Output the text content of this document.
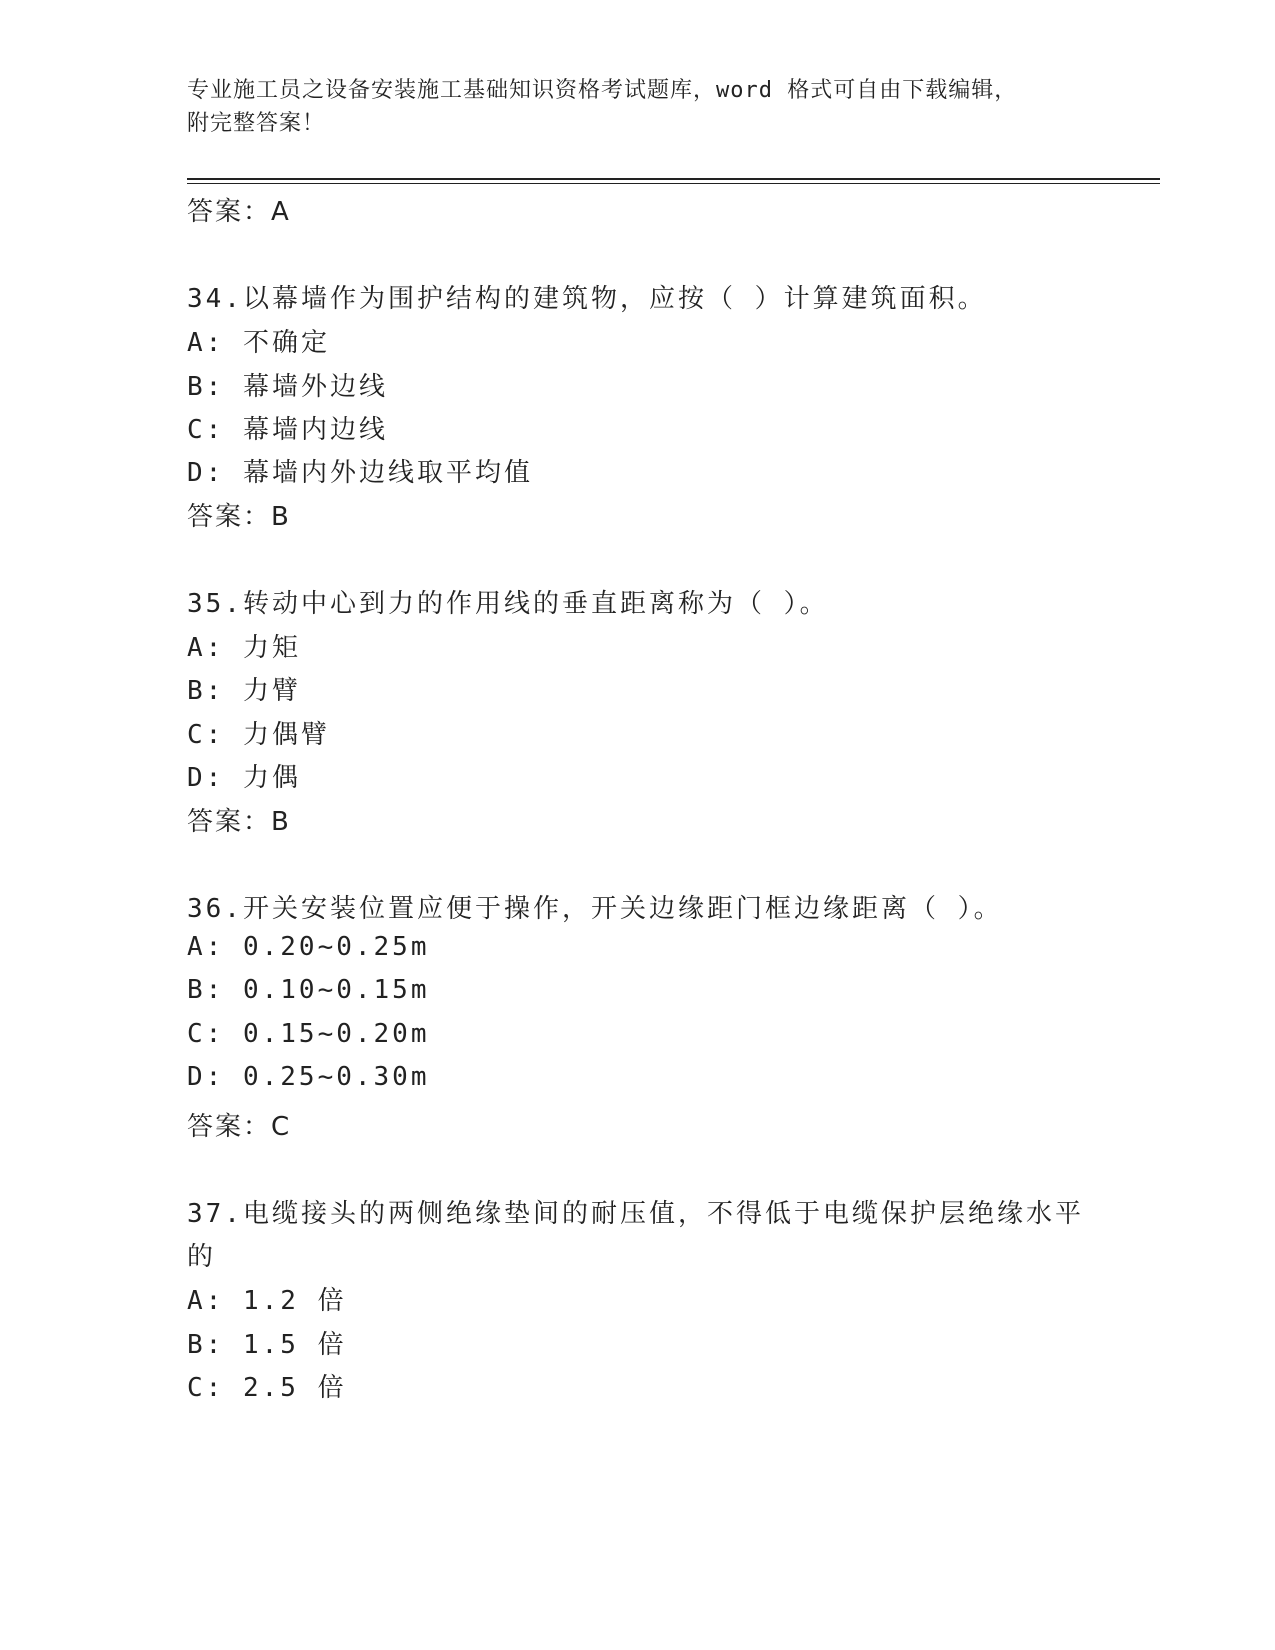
专业施工员之设备安装施工基础知识资格考试题库，word 格式可自由下载编辑，
附完整答案！
答案：A
34.以幕墙作为围护结构的建筑物，应按（ ）计算建筑面积。
A: 不确定
B: 幕墙外边线
C: 幕墙内边线
D: 幕墙内外边线取平均值
答案：B
35.转动中心到力的作用线的垂直距离称为（ ）。
A: 力矩
B: 力臂
C: 力偶臂
D: 力偶
答案：B
36.开关安装位置应便于操作，开关边缘距门框边缘距离（ ）。
A: 0.20~0.25m
B: 0.10~0.15m
C: 0.15~0.20m
D: 0.25~0.30m
答案：C
37.电缆接头的两侧绝缘垫间的耐压值，不得低于电缆保护层绝缘水平
的
A: 1.2 倍
B: 1.5 倍
C: 2.5 倍
